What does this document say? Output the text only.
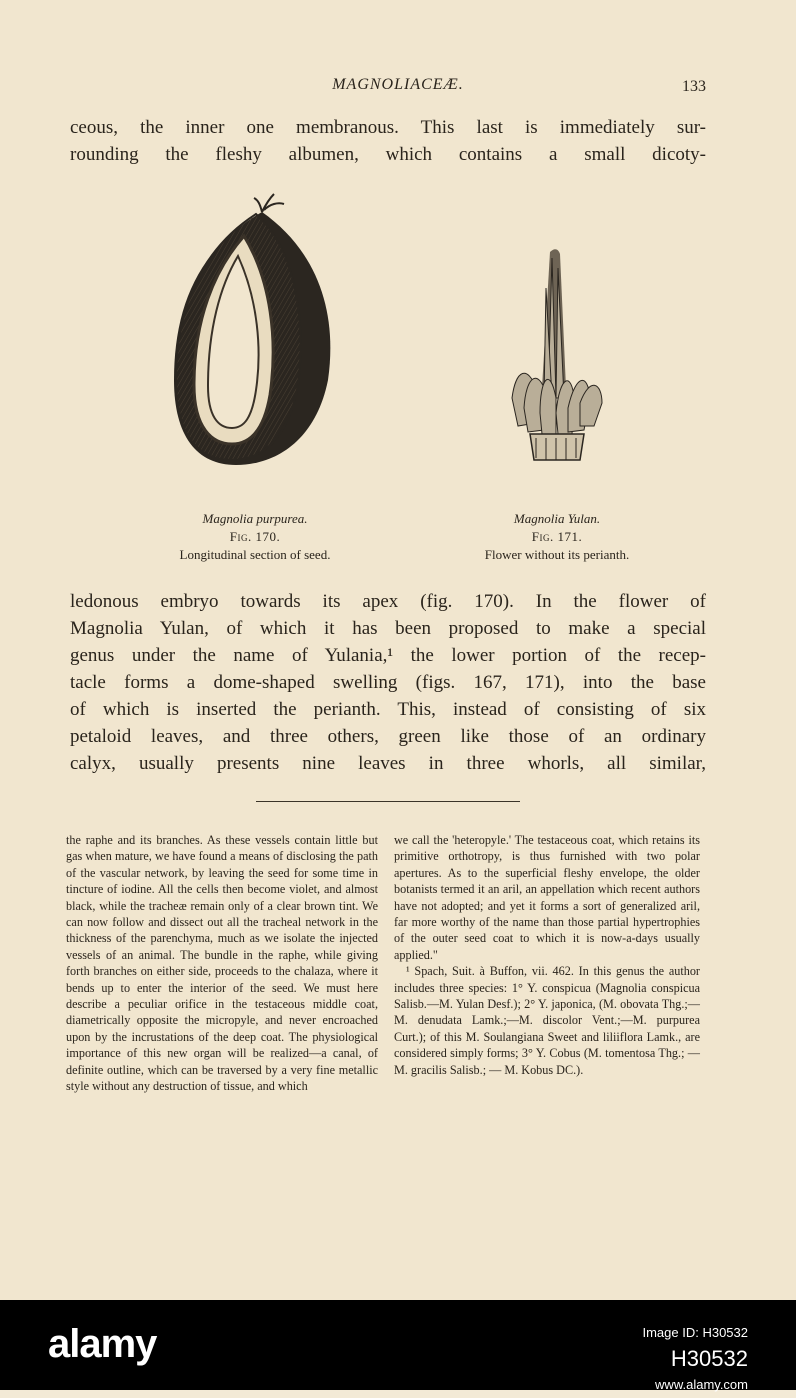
MAGNOLIACEÆ.	133
ceous, the inner one membranous. This last is immediately sur-
rounding the fleshy albumen, which contains a small dicoty-
Magnolia purpurea.
Fig. 170.
Longitudinal section of seed.
Magnolia Yulan.
Fig. 171.
Flower without its perianth.
ledonous embryo towards its apex (fig. 170). In the flower of
Magnolia Yulan, of which it has been proposed to make a special
genus under the name of Yulania,¹ the lower portion of the recep-
tacle forms a dome-shaped swelling (figs. 167, 171), into the base
of which is inserted the perianth. This, instead of consisting of six
petaloid leaves, and three others, green like those of an ordinary
calyx, usually presents nine leaves in three whorls, all similar,

the raphe and its branches. As these vessels contain little but gas when mature, we have found a means of disclosing the path of the vascular network, by leaving the seed for some time in tincture of iodine. All the cells then become violet, and almost black, while the tracheæ remain only of a clear brown tint. We can now follow and dissect out all the tracheal network in the thickness of the parenchyma, much as we isolate the injected vessels of an animal. The bundle in the raphe, while giving forth branches on either side, proceeds to the chalaza, where it bends up to enter the interior of the seed. We must here describe a peculiar orifice in the testaceous middle coat, diametrically opposite the micropyle, and never encroached upon by the incrustations of the deep coat. The physiological importance of this new organ will be realized—a canal, of definite outline, which can be traversed by a very fine metallic style without any destruction of tissue, and which

we call the 'heteropyle.' The testaceous coat, which retains its primitive orthotropy, is thus furnished with two polar apertures. As to the superficial fleshy envelope, the older botanists termed it an aril, an appellation which recent authors have not adopted; and yet it forms a sort of generalized aril, far more worthy of the name than those partial hypertrophies of the outer seed coat to which it is now-a-days usually applied."

¹ Spach, Suit. à Buffon, vii. 462. In this genus the author includes three species: 1° Y. conspicua (Magnolia conspicua Salisb.—M. Yulan Desf.); 2° Y. japonica, (M. obovata Thg.;—M. denudata Lamk.;—M. discolor Vent.;—M. purpurea Curt.); of this M. Soulangiana Sweet and liliiflora Lamk., are considered simply forms; 3° Y. Cobus (M. tomentosa Thg.; — M. gracilis Salisb.; — M. Kobus DC.).

alamy	Image ID: H30532
H30532
www.alamy.com
